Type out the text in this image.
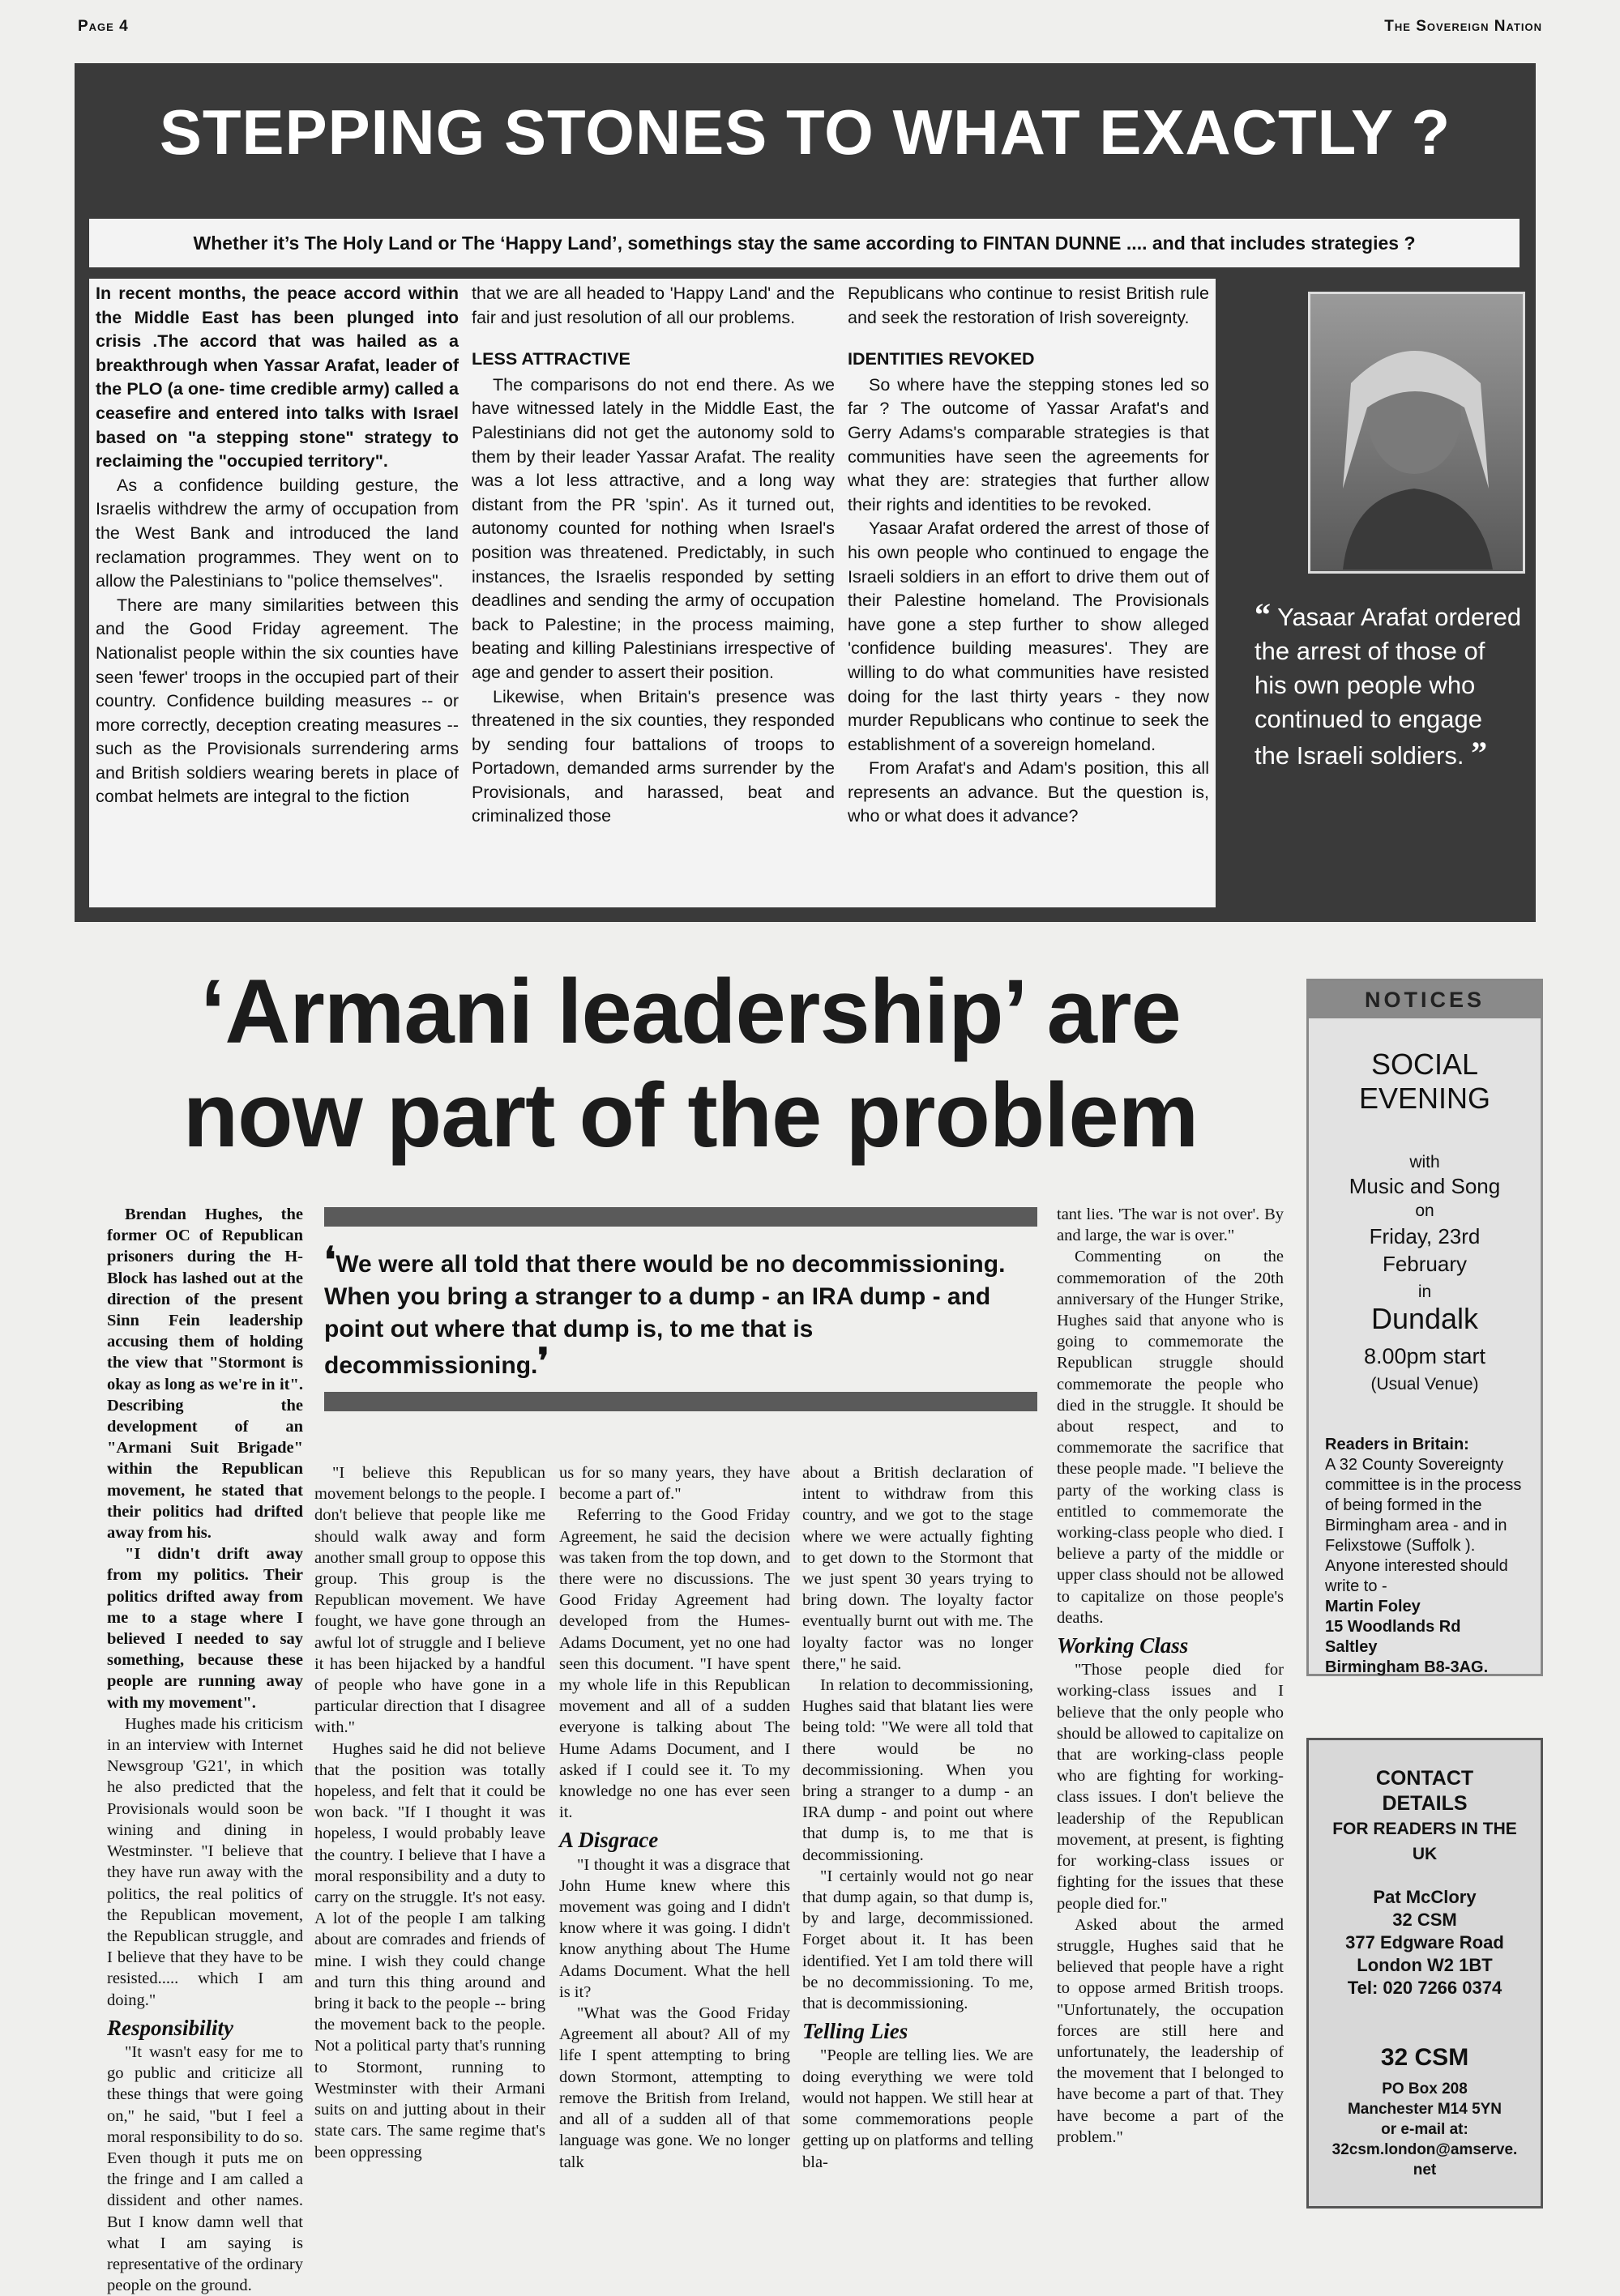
Page 4	The Sovereign Nation
STEPPING STONES TO WHAT EXACTLY ?
Whether it’s The Holy Land or The ‘Happy Land’, somethings stay the same according to FINTAN DUNNE .... and that includes strategies ?

In recent months, the peace accord within the Middle East has been plunged into crisis .The accord that was hailed as a breakthrough when Yassar Arafat, leader of the PLO (a one- time credible army) called a ceasefire and entered into talks with Israel based on "a stepping stone" strategy to reclaiming the "occupied territory".

As a confidence building gesture, the Israelis withdrew the army of occupation from the West Bank and introduced the land reclamation programmes. They went on to allow the Palestinians to "police themselves".

There are many similarities between this and the Good Friday agreement. The Nationalist people within the six counties have seen 'fewer' troops in the occupied part of their country. Confidence building measures -- or more correctly, deception creating measures -- such as the Provisionals surrendering arms and British soldiers wearing berets in place of combat helmets are integral to the fiction

that we are all headed to 'Happy Land' and the fair and just resolution of all our problems.

LESS ATTRACTIVE

The comparisons do not end there. As we have witnessed lately in the Middle East, the Palestinians did not get the autonomy sold to them by their leader Yassar Arafat. The reality was a lot less attractive, and a long way distant from the PR 'spin'. As it turned out, autonomy counted for nothing when Israel's position was threatened. Predictably, in such instances, the Israelis responded by setting deadlines and sending the army of occupation back to Palestine; in the process maiming, beating and killing Palestinians irrespective of age and gender to assert their position.

Likewise, when Britain's presence was threatened in the six counties, they responded by sending four battalions of troops to Portadown, demanded arms surrender by the Provisionals, and harassed, beat and criminalized those

Republicans who continue to resist British rule and seek the restoration of Irish sovereignty.

IDENTITIES REVOKED

So where have the stepping stones led so far ? The outcome of Yassar Arafat's and Gerry Adams's comparable strategies is that communities have seen the agreements for what they are: strategies that further allow their rights and identities to be revoked.

Yasaar Arafat ordered the arrest of those of his own people who continued to engage the Israeli soldiers in an effort to drive them out of their Palestine homeland. The Provisionals have gone a step further to show alleged 'confidence building measures'. They are willing to do what communities have resisted doing for the last thirty years - they now murder Republicans who continue to seek the establishment of a sovereign homeland.

From Arafat's and Adam's position, this all represents an advance. But the question is, who or what does it advance?

“ Yasaar Arafat ordered the arrest of those of his own people who continued to engage the Israeli soldiers. ”
‘Armani leadership’ are
now part of the problem
❛We were all told that there would be no decommissioning. When you bring a stranger to a dump - an IRA dump - and point out where that dump is, to me that is decommissioning.❜

Brendan Hughes, the former OC of Republican prisoners during the H-Block has lashed out at the direction of the present Sinn Fein leadership accusing them of holding the view that "Stormont is okay as long as we're in it". Describing the development of an "Armani Suit Brigade" within the Republican movement, he stated that their politics had drifted away from his.

"I didn't drift away from my politics. Their politics drifted away from me to a stage where I believed I needed to say something, because these people are running away with my movement".

Hughes made his criticism in an interview with Internet Newsgroup 'G21', in which he also predicted that the Provisionals would soon be wining and dining in Westminster. "I believe that they have run away with the politics, the real politics of the Republican movement, the Republican struggle, and I believe that they have to be resisted..... which I am doing."

Responsibility

"It wasn't easy for me to go public and criticize all these things that were going on," he said, "but I feel a moral responsibility to do so. Even though it puts me on the fringe and I am called a dissident and other names. But I know damn well that what I am saying is representative of the ordinary people on the ground.

"I believe this Republican movement belongs to the people. I don't believe that people like me should walk away and form another small group to oppose this group. This group is the Republican movement. We have fought, we have gone through an awful lot of struggle and I believe it has been hijacked by a handful of people who have gone in a particular direction that I disagree with."

Hughes said he did not believe that the position was totally hopeless, and felt that it could be won back. "If I thought it was hopeless, I would probably leave the country. I believe that I have a moral responsibility and a duty to carry on the struggle. It's not easy. A lot of the people I am talking about are comrades and friends of mine. I wish they could change and turn this thing around and bring it back to the people -- bring the movement back to the people. Not a political party that's running to Stormont, running to Westminster with their Armani suits on and jutting about in their state cars. The same regime that's been oppressing

us for so many years, they have become a part of."

Referring to the Good Friday Agreement, he said the decision was taken from the top down, and there were no discussions. The Good Friday Agreement had developed from the Humes-Adams Document, yet no one had seen this document. "I have spent my whole life in this Republican movement and all of a sudden everyone is talking about The Hume Adams Document, and I asked if I could see it. To my knowledge no one has ever seen it.

A Disgrace

"I thought it was a disgrace that John Hume knew where this movement was going and I didn't know where it was going. I didn't know anything about The Hume Adams Document. What the hell is it?

"What was the Good Friday Agreement all about? All of my life I spent attempting to bring down Stormont, attempting to remove the British from Ireland, and all of a sudden all of that language was gone. We no longer talk

about a British declaration of intent to withdraw from this country, and we got to the stage where we were actually fighting to get down to the Stormont that we just spent 30 years trying to bring down. The loyalty factor eventually burnt out with me. The loyalty factor was no longer there," he said.

In relation to decommissioning, Hughes said that blatant lies were being told: "We were all told that there would be no decommissioning. When you bring a stranger to a dump - an IRA dump - and point out where that dump is, to me that is decommissioning.

"I certainly would not go near that dump again, so that dump is, by and large, decommissioned. Forget about it. It has been identified. Yet I am told there will be no decommissioning. To me, that is decommissioning.

Telling Lies

"People are telling lies. We are doing everything we were told would not happen. We still hear at some commemorations people getting up on platforms and telling bla-

tant lies. 'The war is not over'. By and large, the war is over."

Commenting on the commemoration of the 20th anniversary of the Hunger Strike, Hughes said that anyone who is going to commemorate the Republican struggle should commemorate the people who died in the struggle. It should be about respect, and to commemorate the sacrifice that these people made. "I believe the party of the working class is entitled to commemorate the working-class people who died. I believe a party of the middle or upper class should not be allowed to capitalize on those people's deaths.

Working Class

"Those people died for working-class issues and I believe that the only people who should be allowed to capitalize on that are working-class people who are fighting for working-class issues. I don't believe the leadership of the Republican movement, at present, is fighting for working-class issues or fighting for the issues that these people died for."

Asked about the armed struggle, Hughes said that he believed that people have a right to oppose armed British troops. "Unfortunately, the occupation forces are still here and unfortunately, the leadership of the movement that I belonged to have become a part of that. They have become a part of the problem."

NOTICES
SOCIAL
EVENING
with
Music and Song
on
Friday, 23rd
February
in
Dundalk
8.00pm start
(Usual Venue)
Readers in Britain:
A 32 County Sovereignty committee is in the process of being formed in the Birmingham area - and in Felixstowe (Suffolk ). Anyone interested should write to -
Martin Foley
15 Woodlands Rd
Saltley
Birmingham B8-3AG.
CONTACT
DETAILS
FOR READERS IN THE
UK
Pat McClory
32 CSM
377 Edgware Road
London W2 1BT
Tel: 020 7266 0374
32 CSM
PO Box 208
Manchester M14 5YN
or e-mail at:
32csm.london@amserve.
net
